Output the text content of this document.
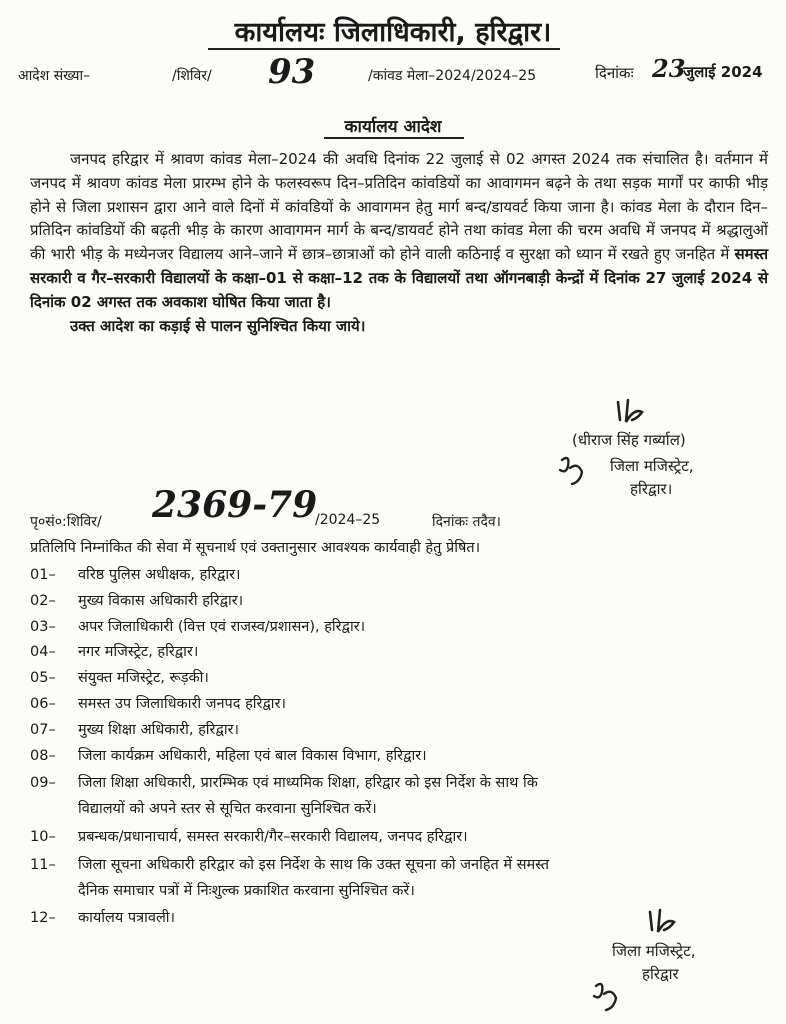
कार्यालयः जिलाधिकारी, हरिद्वार।
आदेश संख्या–	/शिविर/ 93	/कांवड मेला–2024/2024–25	दिनांकः 23
जुलाई 2024
कार्यालय आदेश

जनपद हरिद्वार में श्रावण कांवड मेला–2024 की अवधि दिनांक 22 जुलाई से 02 अगस्त 2024 तक संचालित है। वर्तमान में जनपद में श्रावण कांवड मेला प्रारम्भ होने के फलस्वरूप दिन–प्रतिदिन कांवडियों का आवागमन बढ़ने के तथा सड़क मार्गों पर काफी भीड़ होने से जिला प्रशासन द्वारा आने वाले दिनों में कांवडियों के आवागमन हेतु मार्ग बन्द/डायवर्ट किया जाना है। कांवड मेला के दौरान दिन–प्रतिदिन कांवडियों की बढ़ती भीड़ के कारण आवागमन मार्ग के बन्द/डायवर्ट होने तथा कांवड मेला की चरम अवधि में जनपद में श्रद्धालुओं की भारी भीड़ के मध्येनजर विद्यालय आने–जाने में छात्र–छात्राओं को होने वाली कठिनाई व सुरक्षा को ध्यान में रखते हुए जनहित में समस्त सरकारी व गैर–सरकारी विद्यालयों के कक्षा–01 से कक्षा–12 तक के विद्यालयों तथा ऑगनबाड़ी केन्द्रों में दिनांक 27 जुलाई 2024 से दिनांक 02 अगस्त तक अवकाश घोषित किया जाता है।

उक्त आदेश का कड़ाई से पालन सुनिश्चित किया जाये।

(धीराज सिंह गर्ब्याल)
जिला मजिस्ट्रेट,
हरिद्वार।
पृ०सं०:शिविर/ 2369-79
/2024–25	दिनांकः तदैव।
प्रतिलिपि निम्नांकित की सेवा में सूचनार्थ एवं उक्तानुसार आवश्यक कार्यवाही हेतु प्रेषित।
01– वरिष्ठ पुलिस अधीक्षक, हरिद्वार।
02– मुख्य विकास अधिकारी हरिद्वार।
03– अपर जिलाधिकारी (वित्त एवं राजस्व/प्रशासन), हरिद्वार।
04– नगर मजिस्ट्रेट, हरिद्वार।
05– संयुक्त मजिस्ट्रेट, रूड़की।
06– समस्त उप जिलाधिकारी जनपद हरिद्वार।
07– मुख्य शिक्षा अधिकारी, हरिद्वार।
08– जिला कार्यक्रम अधिकारी, महिला एवं बाल विकास विभाग, हरिद्वार।
09– जिला शिक्षा अधिकारी, प्रारम्भिक एवं माध्यमिक शिक्षा, हरिद्वार को इस निर्देश के साथ कि
विद्यालयों को अपने स्तर से सूचित करवाना सुनिश्चित करें।
10– प्रबन्धक/प्रधानाचार्य, समस्त सरकारी/गैर–सरकारी विद्यालय, जनपद हरिद्वार।
11– जिला सूचना अधिकारी हरिद्वार को इस निर्देश के साथ कि उक्त सूचना को जनहित में समस्त
दैनिक समाचार पत्रों में निःशुल्क प्रकाशित करवाना सुनिश्चित करें।
12– कार्यालय पत्रावली।
जिला मजिस्ट्रेट,
हरिद्वार
